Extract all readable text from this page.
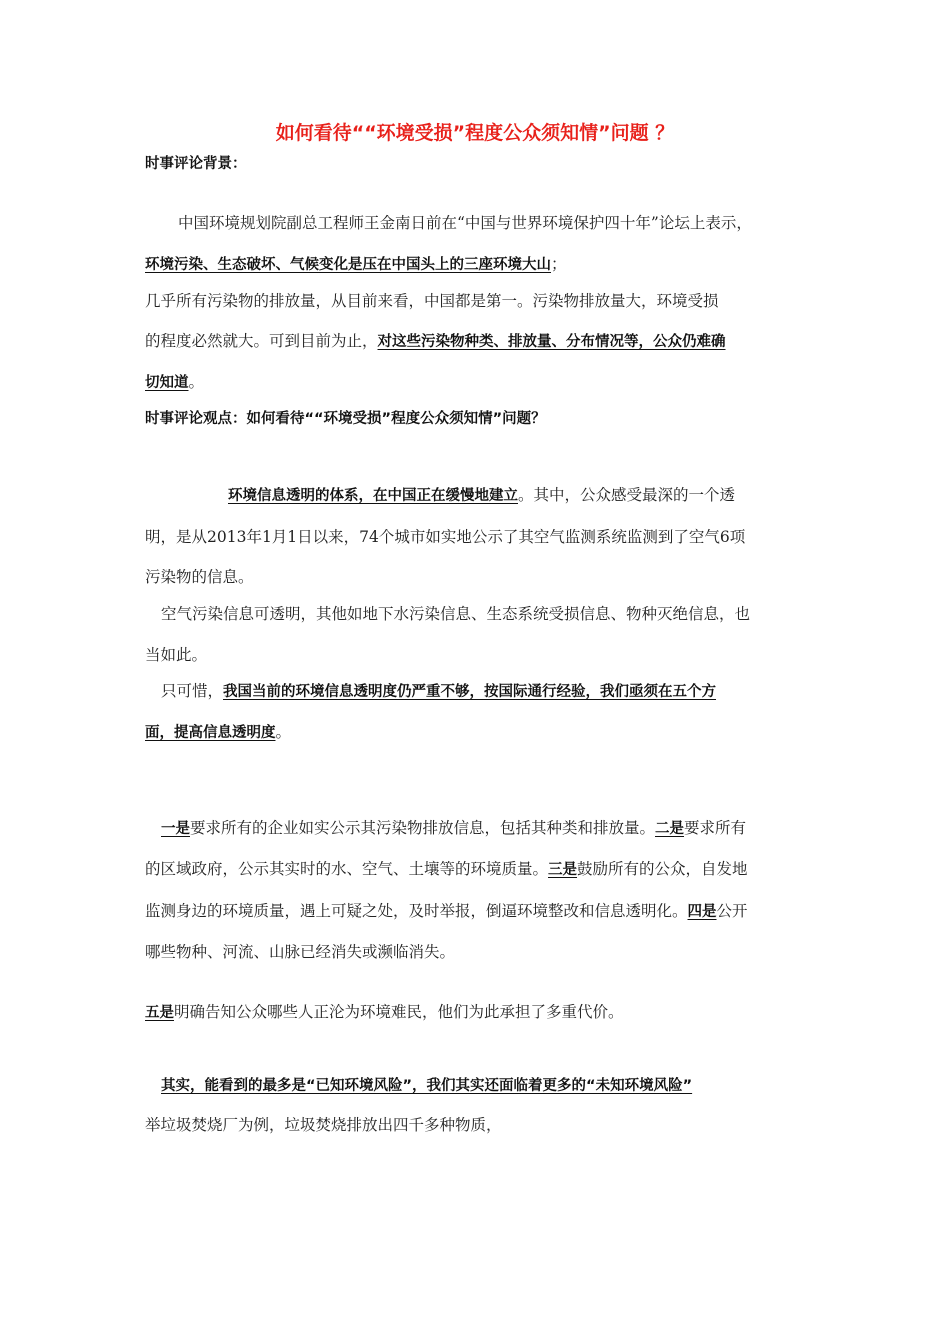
如何看待““环境受损”程度公众须知情”问题 ？

时事评论背景：

中国环境规划院副总工程师王金南日前在“中国与世界环境保护四十年”论坛上表示，

环境污染、生态破坏、气候变化是压在中国头上的三座环境大山；

几乎所有污染物的排放量，从目前来看，中国都是第一。污染物排放量大，环境受损

的程度必然就大。可到目前为止，对这些污染物种类、排放量、分布情况等，公众仍难确

切知道。

时事评论观点：如何看待““环境受损”程度公众须知情”问题？

环境信息透明的体系，在中国正在缓慢地建立。其中，公众感受最深的一个透

明，是从2013年1月1日以来，74个城市如实地公示了其空气监测系统监测到了空气6项

污染物的信息。

空气污染信息可透明，其他如地下水污染信息、生态系统受损信息、物种灭绝信息，也

当如此。

只可惜，我国当前的环境信息透明度仍严重不够，按国际通行经验，我们亟须在五个方

面，提高信息透明度。

一是要求所有的企业如实公示其污染物排放信息，包括其种类和排放量。二是要求所有

的区域政府，公示其实时的水、空气、土壤等的环境质量。三是鼓励所有的公众，自发地

监测身边的环境质量，遇上可疑之处，及时举报，倒逼环境整改和信息透明化。四是公开

哪些物种、河流、山脉已经消失或濒临消失。

五是明确告知公众哪些人正沦为环境难民，他们为此承担了多重代价。

其实，能看到的最多是“已知环境风险”，我们其实还面临着更多的“未知环境风险”

举垃圾焚烧厂为例，垃圾焚烧排放出四千多种物质，
